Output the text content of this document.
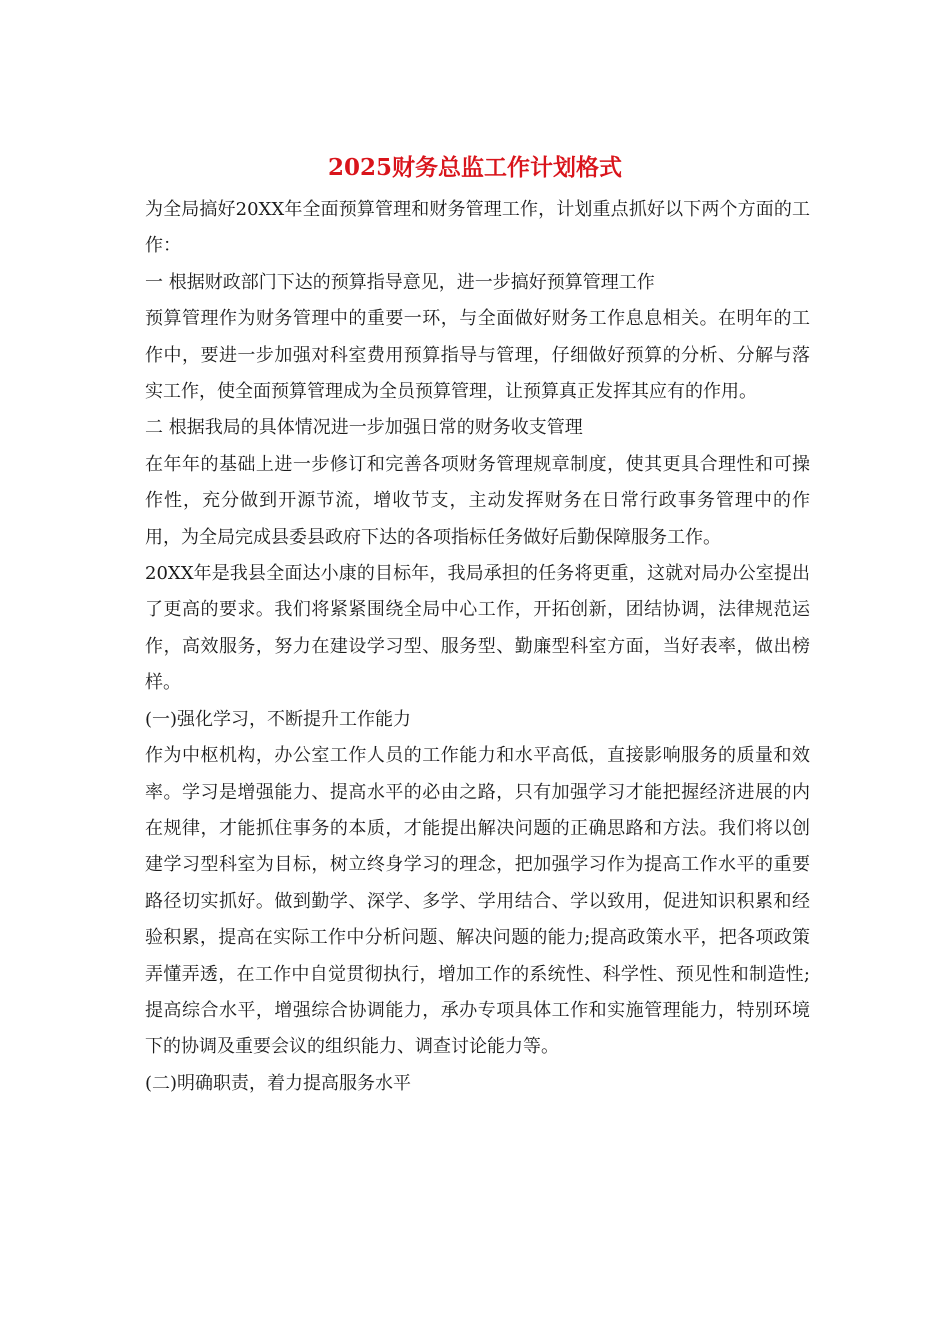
2025财务总监工作计划格式

为全局搞好20XX年全面预算管理和财务管理工作，计划重点抓好以下两个方面的工作：

一 根据财政部门下达的预算指导意见，进一步搞好预算管理工作

预算管理作为财务管理中的重要一环，与全面做好财务工作息息相关。在明年的工作中，要进一步加强对科室费用预算指导与管理，仔细做好预算的分析、分解与落实工作，使全面预算管理成为全员预算管理，让预算真正发挥其应有的作用。

二 根据我局的具体情况进一步加强日常的财务收支管理

在年年的基础上进一步修订和完善各项财务管理规章制度，使其更具合理性和可操作性，充分做到开源节流，增收节支，主动发挥财务在日常行政事务管理中的作用，为全局完成县委县政府下达的各项指标任务做好后勤保障服务工作。

20XX年是我县全面达小康的目标年，我局承担的任务将更重，这就对局办公室提出了更高的要求。我们将紧紧围绕全局中心工作，开拓创新，团结协调，法律规范运作，高效服务，努力在建设学习型、服务型、勤廉型科室方面，当好表率，做出榜样。

(一)强化学习，不断提升工作能力

作为中枢机构，办公室工作人员的工作能力和水平高低，直接影响服务的质量和效率。学习是增强能力、提高水平的必由之路，只有加强学习才能把握经济进展的内在规律，才能抓住事务的本质，才能提出解决问题的正确思路和方法。我们将以创建学习型科室为目标，树立终身学习的理念，把加强学习作为提高工作水平的重要路径切实抓好。做到勤学、深学、多学、学用结合、学以致用，促进知识积累和经验积累，提高在实际工作中分析问题、解决问题的能力;提高政策水平，把各项政策弄懂弄透，在工作中自觉贯彻执行，增加工作的系统性、科学性、预见性和制造性;提高综合水平，增强综合协调能力，承办专项具体工作和实施管理能力，特别环境下的协调及重要会议的组织能力、调查讨论能力等。

(二)明确职责，着力提高服务水平
